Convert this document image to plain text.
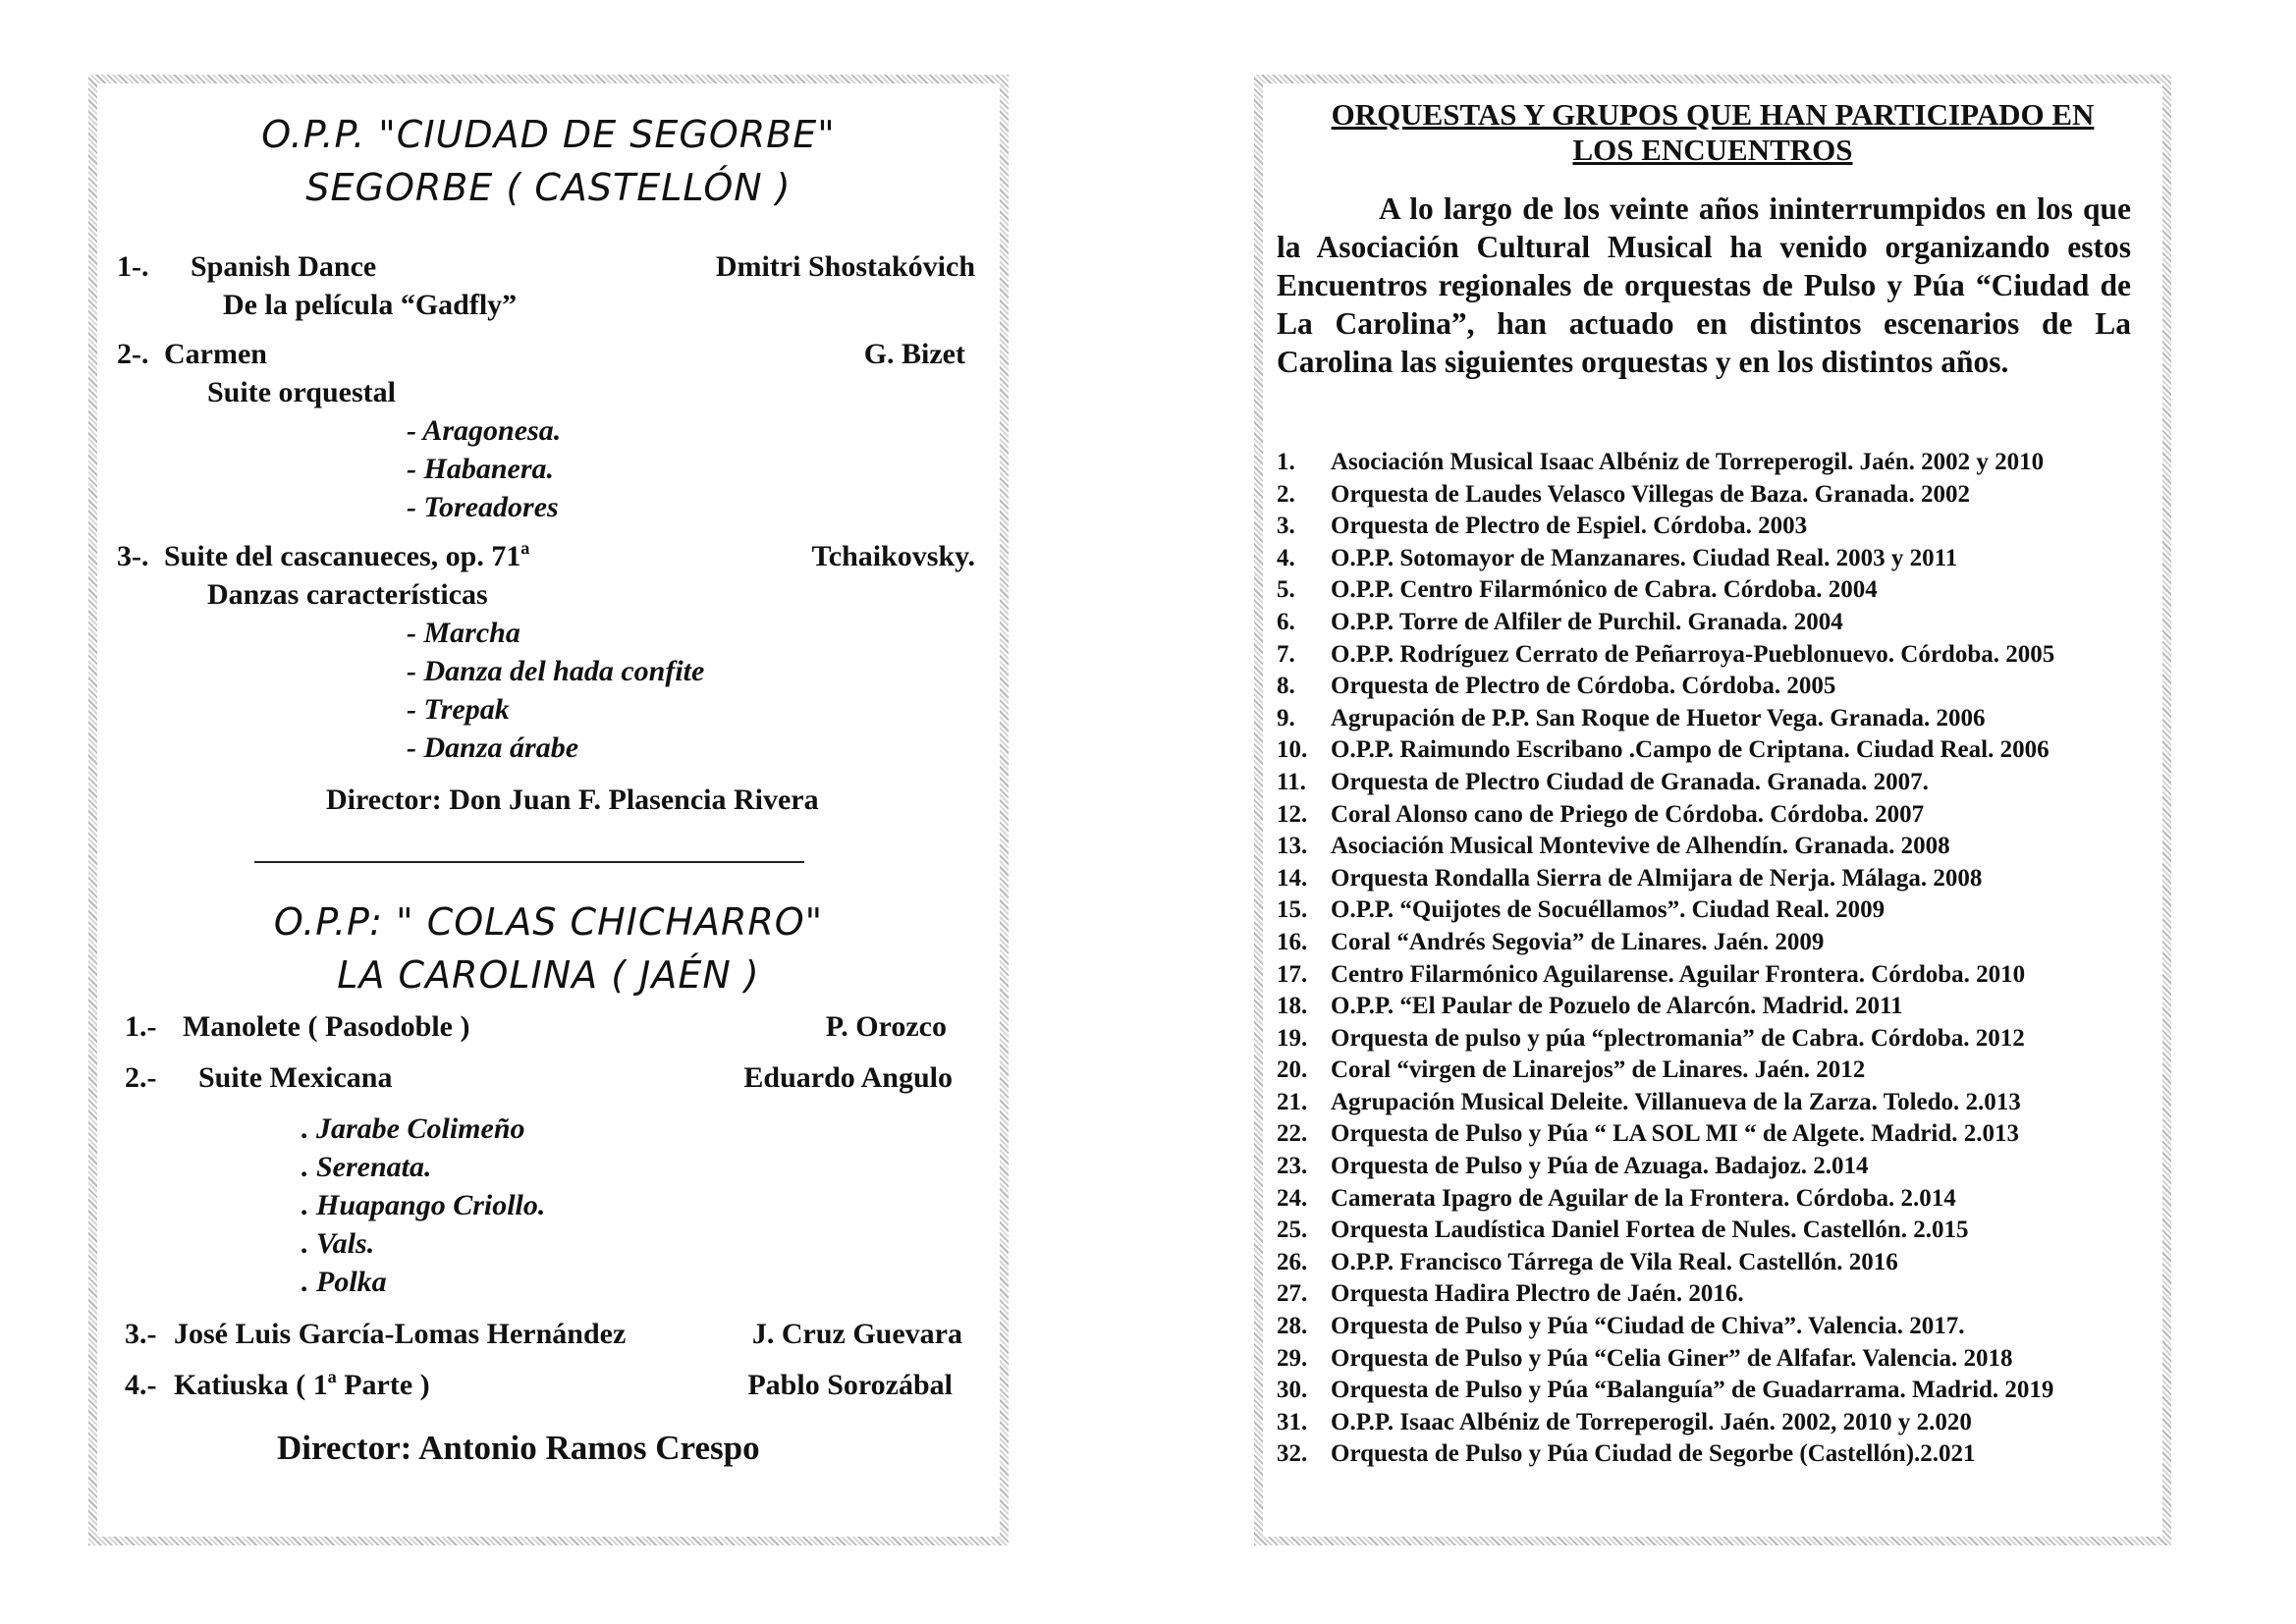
O.P.P. "CIUDAD DE SEGORBE"
SEGORBE ( CASTELLÓN )
1-. Spanish Dance	Dmitri Shostakóvich
De la película “Gadfly”
2-. Carmen	G. Bizet
Suite orquestal
- Aragonesa.
- Habanera.
- Toreadores
3-. Suite del cascanueces, op. 71ª	Tchaikovsky.
Danzas características
- Marcha
- Danza del hada confite
- Trepak
- Danza árabe
Director: Don Juan F. Plasencia Rivera
O.P.P: " COLAS CHICHARRO"
LA CAROLINA ( JAÉN )
1.- Manolete ( Pasodoble )	P. Orozco
2.- Suite Mexicana	Eduardo Angulo
. Jarabe Colimeño
. Serenata.
. Huapango Criollo.
. Vals.
. Polka
3.- José Luis García-Lomas Hernández	J. Cruz Guevara
4.- Katiuska ( 1ª Parte )	Pablo Sorozábal
Director: Antonio Ramos Crespo
ORQUESTAS Y GRUPOS QUE HAN PARTICIPADO EN
LOS ENCUENTROS
A lo largo de los veinte años ininterrumpidos en los que la Asociación Cultural Musical ha venido organizando estos Encuentros regionales de orquestas de Pulso y Púa “Ciudad de La Carolina”, han actuado en distintos escenarios de La Carolina las siguientes orquestas y en los distintos años.
1. Asociación Musical Isaac Albéniz de Torreperogil. Jaén. 2002 y 2010
2. Orquesta de Laudes Velasco Villegas de Baza. Granada. 2002
3. Orquesta de Plectro de Espiel. Córdoba. 2003
4. O.P.P. Sotomayor de Manzanares. Ciudad Real. 2003 y 2011
5. O.P.P. Centro Filarmónico de Cabra. Córdoba. 2004
6. O.P.P. Torre de Alfiler de Purchil. Granada. 2004
7. O.P.P. Rodríguez Cerrato de Peñarroya-Pueblonuevo. Córdoba. 2005
8. Orquesta de Plectro de Córdoba. Córdoba. 2005
9. Agrupación de P.P. San Roque de Huetor Vega. Granada. 2006
10. O.P.P. Raimundo Escribano .Campo de Criptana. Ciudad Real. 2006
11. Orquesta de Plectro Ciudad de Granada. Granada. 2007.
12. Coral Alonso cano de Priego de Córdoba. Córdoba. 2007
13. Asociación Musical Montevive de Alhendín. Granada. 2008
14. Orquesta Rondalla Sierra de Almijara de Nerja. Málaga. 2008
15. O.P.P. “Quijotes de Socuéllamos”. Ciudad Real. 2009
16. Coral “Andrés Segovia” de Linares. Jaén. 2009
17. Centro Filarmónico Aguilarense. Aguilar Frontera. Córdoba. 2010
18. O.P.P. “El Paular de Pozuelo de Alarcón. Madrid. 2011
19. Orquesta de pulso y púa “plectromania” de Cabra. Córdoba. 2012
20. Coral “virgen de Linarejos” de Linares. Jaén. 2012
21. Agrupación Musical Deleite. Villanueva de la Zarza. Toledo. 2.013
22. Orquesta de Pulso y Púa “ LA SOL MI “ de Algete. Madrid. 2.013
23. Orquesta de Pulso y Púa de Azuaga. Badajoz. 2.014
24. Camerata Ipagro de Aguilar de la Frontera. Córdoba. 2.014
25. Orquesta Laudística Daniel Fortea de Nules. Castellón. 2.015
26. O.P.P. Francisco Tárrega de Vila Real. Castellón. 2016
27. Orquesta Hadira Plectro de Jaén. 2016.
28. Orquesta de Pulso y Púa “Ciudad de Chiva”. Valencia. 2017.
29. Orquesta de Pulso y Púa “Celia Giner” de Alfafar. Valencia. 2018
30. Orquesta de Pulso y Púa “Balanguía” de Guadarrama. Madrid. 2019
31. O.P.P. Isaac Albéniz de Torreperogil. Jaén. 2002, 2010 y 2.020
32. Orquesta de Pulso y Púa Ciudad de Segorbe (Castellón).2.021
